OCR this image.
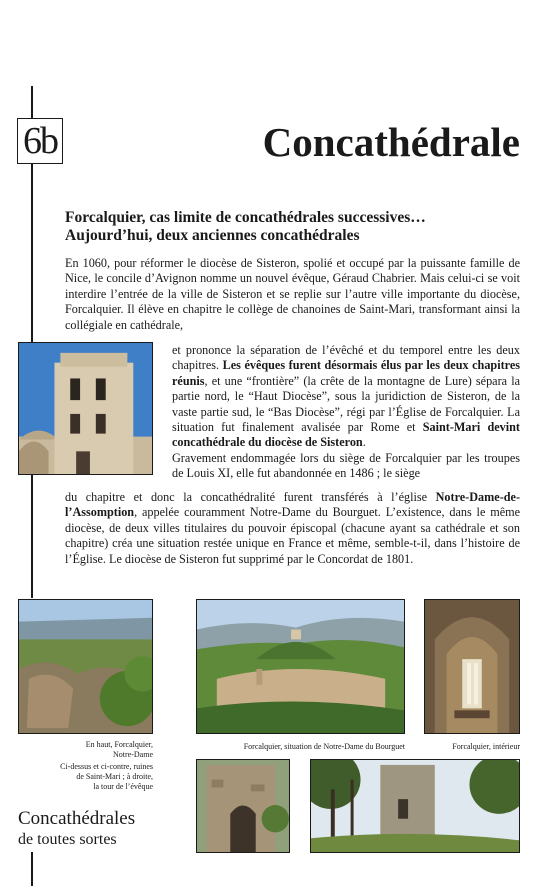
6b	Concathédrale
Forcalquier, cas limite de concathédrales successives…
Aujourd’hui, deux anciennes concathédrales

En 1060, pour réformer le diocèse de Sisteron, spolié et occupé par la puissante famille de Nice, le concile d’Avignon nomme un nouvel évêque, Géraud Chabrier. Mais celui-ci se voit interdire l’entrée de la ville de Sisteron et se replie sur l’autre ville importante du diocèse, Forcalquier. Il élève en chapitre le collège de chanoines de Saint-Mari, transformant ainsi la collégiale en cathédrale,

et prononce la séparation de l’évêché et du temporel entre les deux chapitres. Les évêques furent désormais élus par les deux chapitres réunis, et une “frontière” (la crête de la montagne de Lure) sépara la partie nord, le “Haut Diocèse”, sous la juridiction de Sisteron, de la vaste partie sud, le “Bas Diocèse”, régi par l’Église de Forcalquier. La situation fut finalement avalisée par Rome et Saint-Mari devint concathédrale du diocèse de Sisteron.
Gravement endommagée lors du siège de Forcalquier par les troupes de Louis XI, elle fut abandonnée en 1486 ; le siège

du chapitre et donc la concathédralité furent transférés à l’église Notre-Dame-de-l’Assomption, appelée couramment Notre-Dame du Bourguet. L’existence, dans le même diocèse, de deux villes titulaires du pouvoir épiscopal (chacune ayant sa cathédrale et son chapitre) créa une situation restée unique en France et même, semble-t-il, dans l’histoire de l’Église. Le diocèse de Sisteron fut supprimé par le Concordat de 1801.

En haut, Forcalquier,
Notre-Dame
Ci-dessus et ci-contre, ruines
de Saint-Mari ; à droite,
la tour de l’évêque
Forcalquier, situation de Notre-Dame du Bourguet	Forcalquier, intérieur
Concathédrales
de toutes sortes
